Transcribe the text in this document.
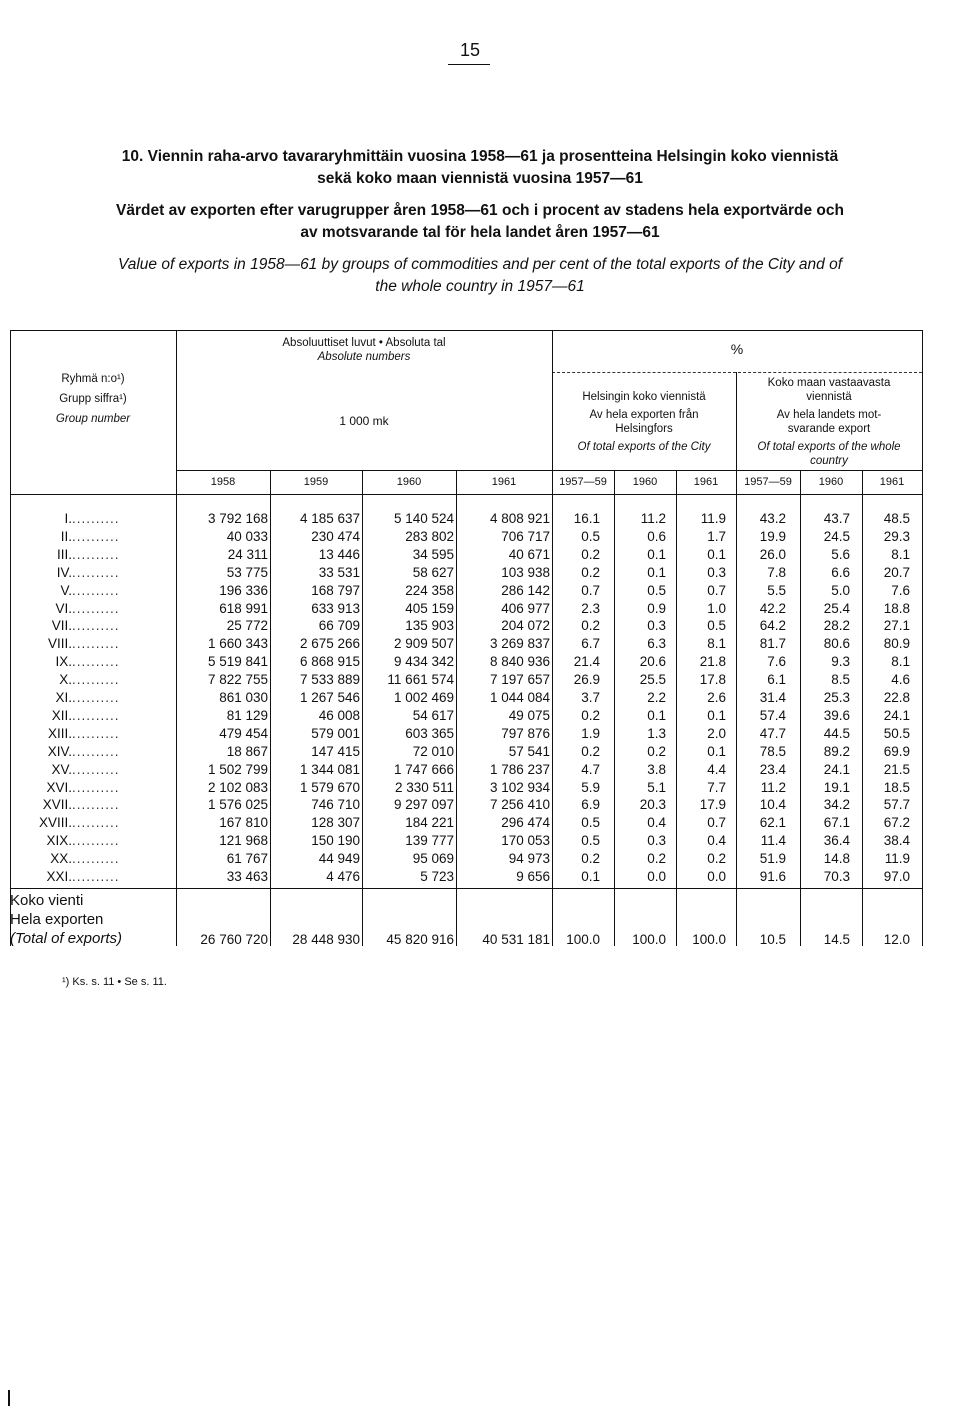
15
10. Viennin raha-arvo tavararyhmittäin vuosina 1958—61 ja prosentteina Helsingin koko viennistä
sekä koko maan viennistä vuosina 1957—61
Värdet av exporten efter varugrupper åren 1958—61 och i procent av stadens hela exportvärde och
av motsvarande tal för hela landet åren 1957—61
Value of exports in 1958—61 by groups of commodities and per cent of the total exports of the City and of
the whole country in 1957—61
Ryhmä n:o¹)
Grupp siffra¹)
Group number
Absoluuttiset luvut • Absoluta tal
Absolute numbers
1 000 mk
%
Helsingin koko viennistä
Av hela exporten från
Helsingfors
Of total exports of the City
Koko maan vastaavasta
viennistä
Av hela landets mot-
svarande export
Of total exports of the whole
country
1958	1959	1960	1961	1957—59	1960	1961	1957—59	1960	1961
I...........	3 792 168	4 185 637	5 140 524	4 808 921	16.1	11.2	11.9	43.2	43.7	48.5
II...........	40 033	230 474	283 802	706 717	0.5	0.6	1.7	19.9	24.5	29.3
III...........	24 311	13 446	34 595	40 671	0.2	0.1	0.1	26.0	5.6	8.1
IV...........	53 775	33 531	58 627	103 938	0.2	0.1	0.3	7.8	6.6	20.7
V...........	196 336	168 797	224 358	286 142	0.7	0.5	0.7	5.5	5.0	7.6
VI...........	618 991	633 913	405 159	406 977	2.3	0.9	1.0	42.2	25.4	18.8
VII...........	25 772	66 709	135 903	204 072	0.2	0.3	0.5	64.2	28.2	27.1
VIII...........	1 660 343	2 675 266	2 909 507	3 269 837	6.7	6.3	8.1	81.7	80.6	80.9
IX...........	5 519 841	6 868 915	9 434 342	8 840 936	21.4	20.6	21.8	7.6	9.3	8.1
X...........	7 822 755	7 533 889	11 661 574	7 197 657	26.9	25.5	17.8	6.1	8.5	4.6
XI...........	861 030	1 267 546	1 002 469	1 044 084	3.7	2.2	2.6	31.4	25.3	22.8
XII...........	81 129	46 008	54 617	49 075	0.2	0.1	0.1	57.4	39.6	24.1
XIII...........	479 454	579 001	603 365	797 876	1.9	1.3	2.0	47.7	44.5	50.5
XIV...........	18 867	147 415	72 010	57 541	0.2	0.2	0.1	78.5	89.2	69.9
XV...........	1 502 799	1 344 081	1 747 666	1 786 237	4.7	3.8	4.4	23.4	24.1	21.5
XVI...........	2 102 083	1 579 670	2 330 511	3 102 934	5.9	5.1	7.7	11.2	19.1	18.5
XVII...........	1 576 025	746 710	9 297 097	7 256 410	6.9	20.3	17.9	10.4	34.2	57.7
XVIII...........	167 810	128 307	184 221	296 474	0.5	0.4	0.7	62.1	67.1	67.2
XIX...........	121 968	150 190	139 777	170 053	0.5	0.3	0.4	11.4	36.4	38.4
XX...........	61 767	44 949	95 069	94 973	0.2	0.2	0.2	51.9	14.8	11.9
XXI...........	33 463	4 476	5 723	9 656	0.1	0.0	0.0	91.6	70.3	97.0
Koko vienti
Hela exporten
(Total of exports)	26 760 720	28 448 930	45 820 916	40 531 181	100.0	100.0	100.0	10.5	14.5	12.0
¹) Ks. s. 11 • Se s. 11.
